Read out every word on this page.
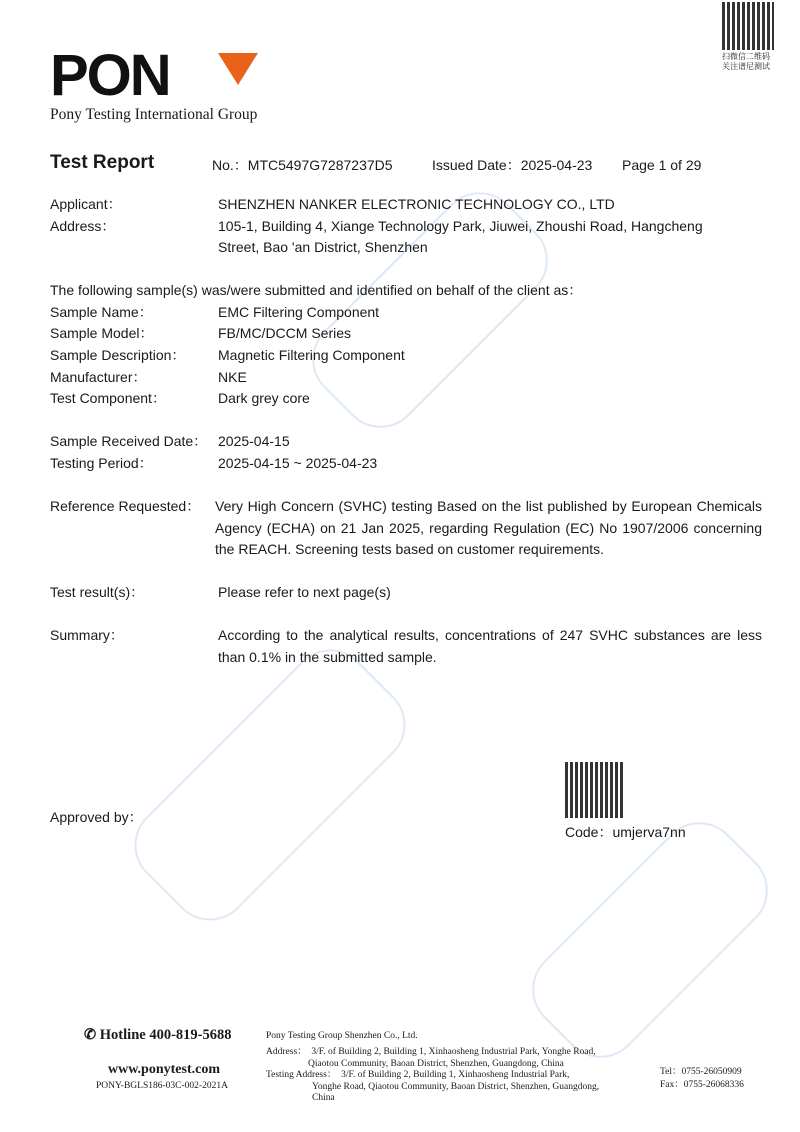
PON
Pony Testing International Group
扫微信二维码
关注谱尼测试
Test Report	No.：MTC5497G7287237D5	Issued Date：2025-04-23 Page 1 of 29
Applicant：	SHENZHEN NANKER ELECTRONIC TECHNOLOGY CO., LTD
Address：	105-1, Building 4, Xiange Technology Park, Jiuwei, Zhoushi Road, Hangcheng
Street, Bao 'an District, Shenzhen
The following sample(s) was/were submitted and identified on behalf of the client as：
Sample Name：	EMC Filtering Component
Sample Model：	FB/MC/DCCM Series
Sample Description： Magnetic Filtering Component
Manufacturer：	NKE
Test Component：	Dark grey core
Sample Received Date： 2025-04-15
Testing Period：	2025-04-15 ~ 2025-04-23
Reference Requested： Very High Concern (SVHC) testing Based on the list published by European Chemicals Agency (ECHA) on 21 Jan 2025, regarding Regulation (EC) No 1907/2006 concerning the REACH. Screening tests based on customer requirements.
Test result(s)：	Please refer to next page(s)
Summary：	According to the analytical results, concentrations of 247 SVHC substances are less than 0.1% in the submitted sample.
Approved by：
Code：umjerva7nn
✆ Hotline 400-819-5688
www.ponytest.com
PONY-BGLS186-03C-002-2021A
Pony Testing Group Shenzhen Co., Ltd.
Address： 3/F. of Building 2, Building 1, Xinhaosheng Industrial Park, Yonghe Road,
Qiaotou Community, Baoan District, Shenzhen, Guangdong, China
Testing Address： 3/F. of Building 2, Building 1, Xinhaosheng Industrial Park,
Yonghe Road, Qiaotou Community, Baoan District, Shenzhen, Guangdong,
China
Tel：0755-26050909
Fax：0755-26068336
